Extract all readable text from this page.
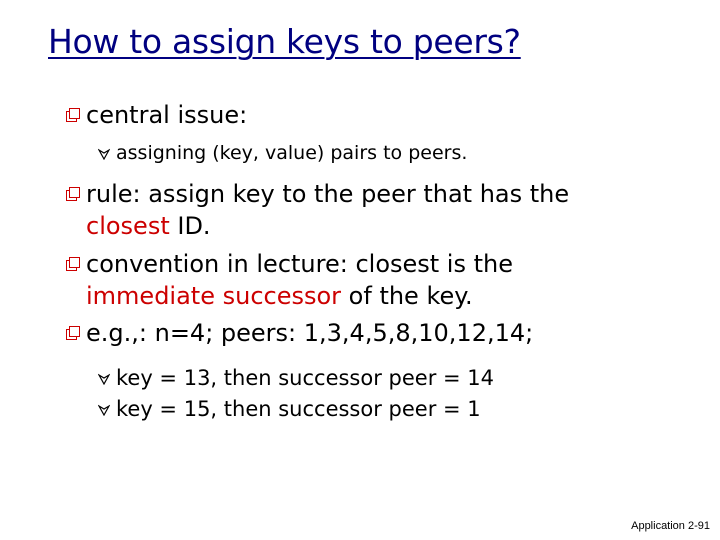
How to assign keys to peers?
central issue:
assigning (key, value) pairs to peers.
rule: assign key to the peer that has the
closest ID.
convention in lecture: closest is the
immediate successor of the key.
e.g.,: n=4; peers: 1,3,4,5,8,10,12,14;
key = 13, then successor peer = 14
key = 15, then successor peer = 1
Application 2-91
